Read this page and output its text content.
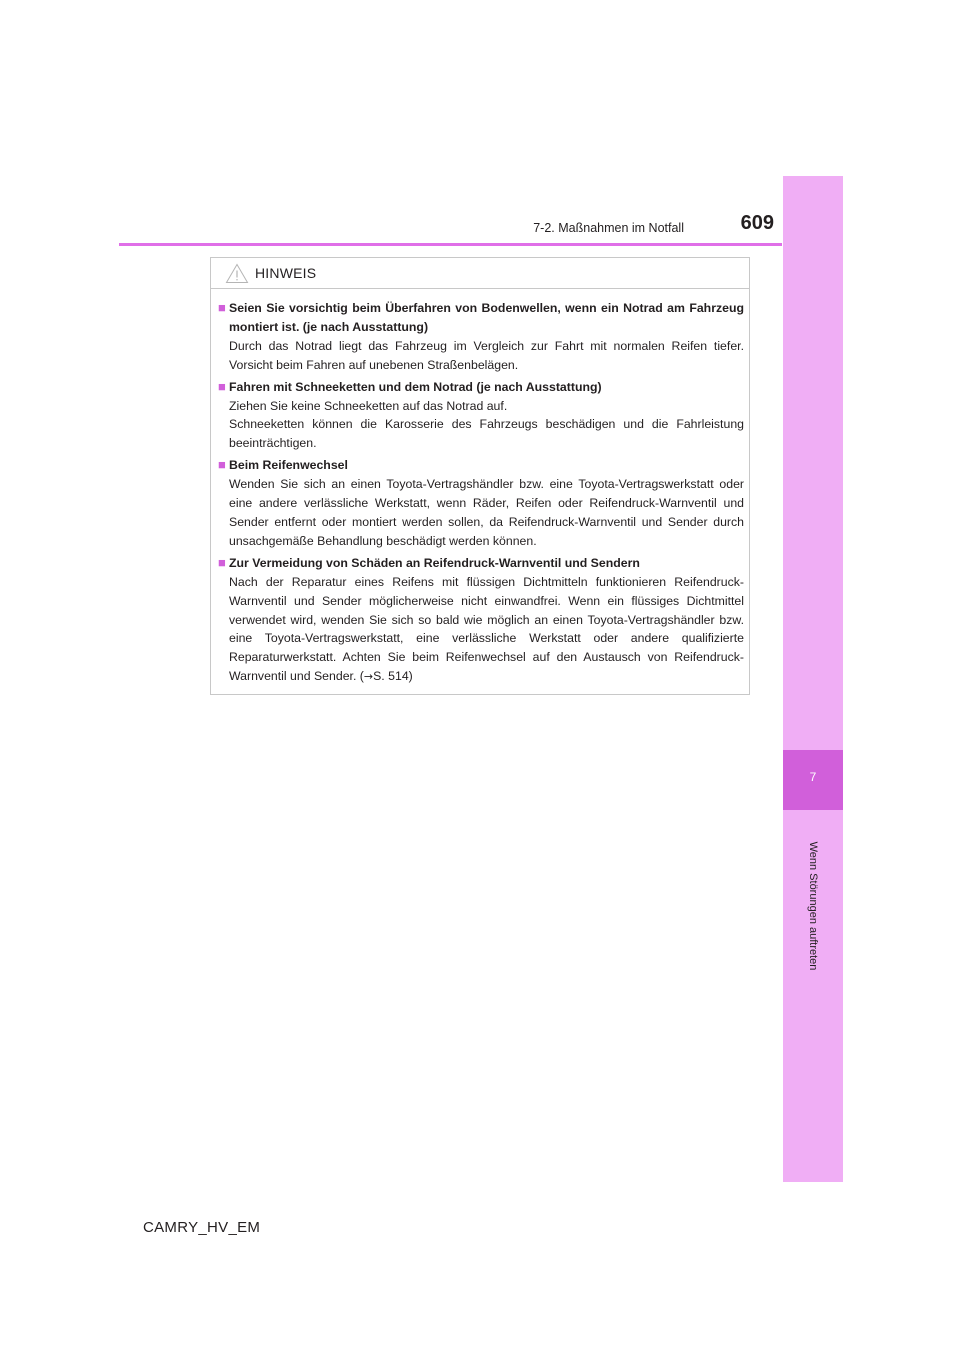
7-2. Maßnahmen im Notfall	609
7
Wenn Störungen auftreten
HINWEIS
■ Seien Sie vorsichtig beim Überfahren von Bodenwellen, wenn ein Notrad am Fahrzeug montiert ist. (je nach Ausstattung)
Durch das Notrad liegt das Fahrzeug im Vergleich zur Fahrt mit normalen Reifen tiefer. Vorsicht beim Fahren auf unebenen Straßenbelägen.
■ Fahren mit Schneeketten und dem Notrad (je nach Ausstattung)
Ziehen Sie keine Schneeketten auf das Notrad auf.
Schneeketten können die Karosserie des Fahrzeugs beschädigen und die Fahrleistung beeinträchtigen.
■ Beim Reifenwechsel
Wenden Sie sich an einen Toyota-Vertragshändler bzw. eine Toyota-Vertragswerkstatt oder eine andere verlässliche Werkstatt, wenn Räder, Reifen oder Reifendruck-Warnventil und Sender entfernt oder montiert werden sollen, da Reifendruck-Warnventil und Sender durch unsachgemäße Behandlung beschädigt werden können.
■ Zur Vermeidung von Schäden an Reifendruck-Warnventil und Sendern
Nach der Reparatur eines Reifens mit flüssigen Dichtmitteln funktionieren Reifendruck-Warnventil und Sender möglicherweise nicht einwandfrei. Wenn ein flüssiges Dichtmittel verwendet wird, wenden Sie sich so bald wie möglich an einen Toyota-Vertragshändler bzw. eine Toyota-Vertragswerkstatt, eine verlässliche Werkstatt oder andere qualifizierte Reparaturwerkstatt. Achten Sie beim Reifenwechsel auf den Austausch von Reifendruck-Warnventil und Sender. (→S. 514)
CAMRY_HV_EM
